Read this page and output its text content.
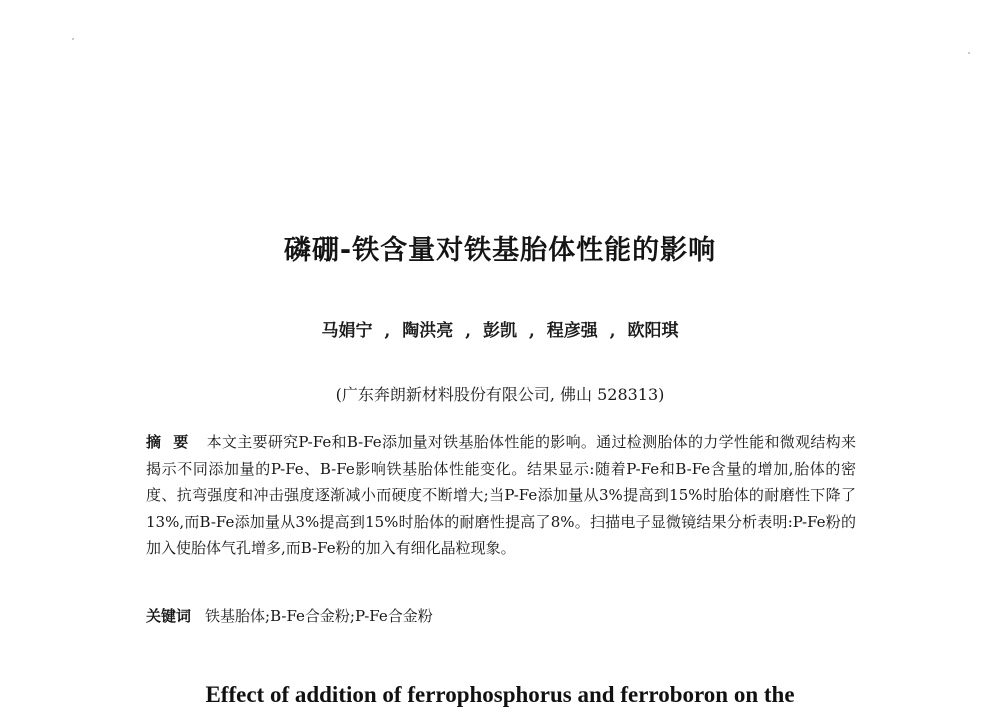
磷硼-铁含量对铁基胎体性能的影响
马娟宁 , 陶洪亮 , 彭凯 , 程彦强 , 欧阳琪
(广东奔朗新材料股份有限公司, 佛山 528313)
摘要 本文主要研究P-Fe和B-Fe添加量对铁基胎体性能的影响。通过检测胎体的力学性能和微观结构来揭示不同添加量的P-Fe、B-Fe影响铁基胎体性能变化。结果显示:随着P-Fe和B-Fe含量的增加,胎体的密度、抗弯强度和冲击强度逐渐减小而硬度不断增大;当P-Fe添加量从3%提高到15%时胎体的耐磨性下降了13%,而B-Fe添加量从3%提高到15%时胎体的耐磨性提高了8%。扫描电子显微镜结果分析表明:P-Fe粉的加入使胎体气孔增多,而B-Fe粉的加入有细化晶粒现象。
关键词 铁基胎体;B-Fe合金粉;P-Fe合金粉
Effect of addition of ferrophosphorus and ferroboron on the
